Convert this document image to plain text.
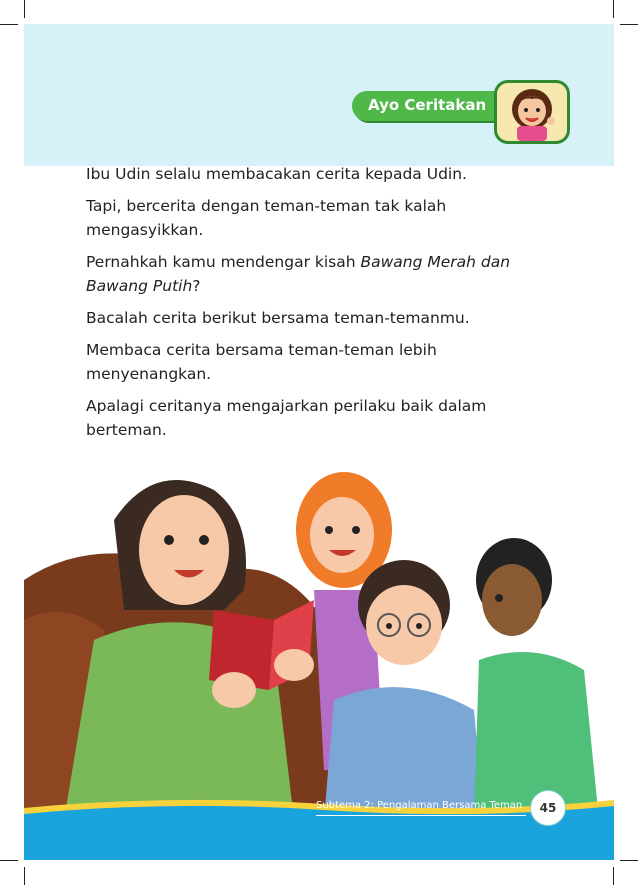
Ayo Ceritakan

Ibu Udin selalu membacakan cerita kepada Udin.

Tapi, bercerita dengan teman-teman tak kalah mengasyikkan.

Pernahkah kamu mendengar kisah Bawang Merah dan Bawang Putih?

Bacalah cerita berikut bersama teman-temanmu.

Membaca cerita bersama teman-teman lebih menyenangkan.

Apalagi ceritanya mengajarkan perilaku baik dalam berteman.

Subtema 2: Pengalaman Bersama Teman	45
